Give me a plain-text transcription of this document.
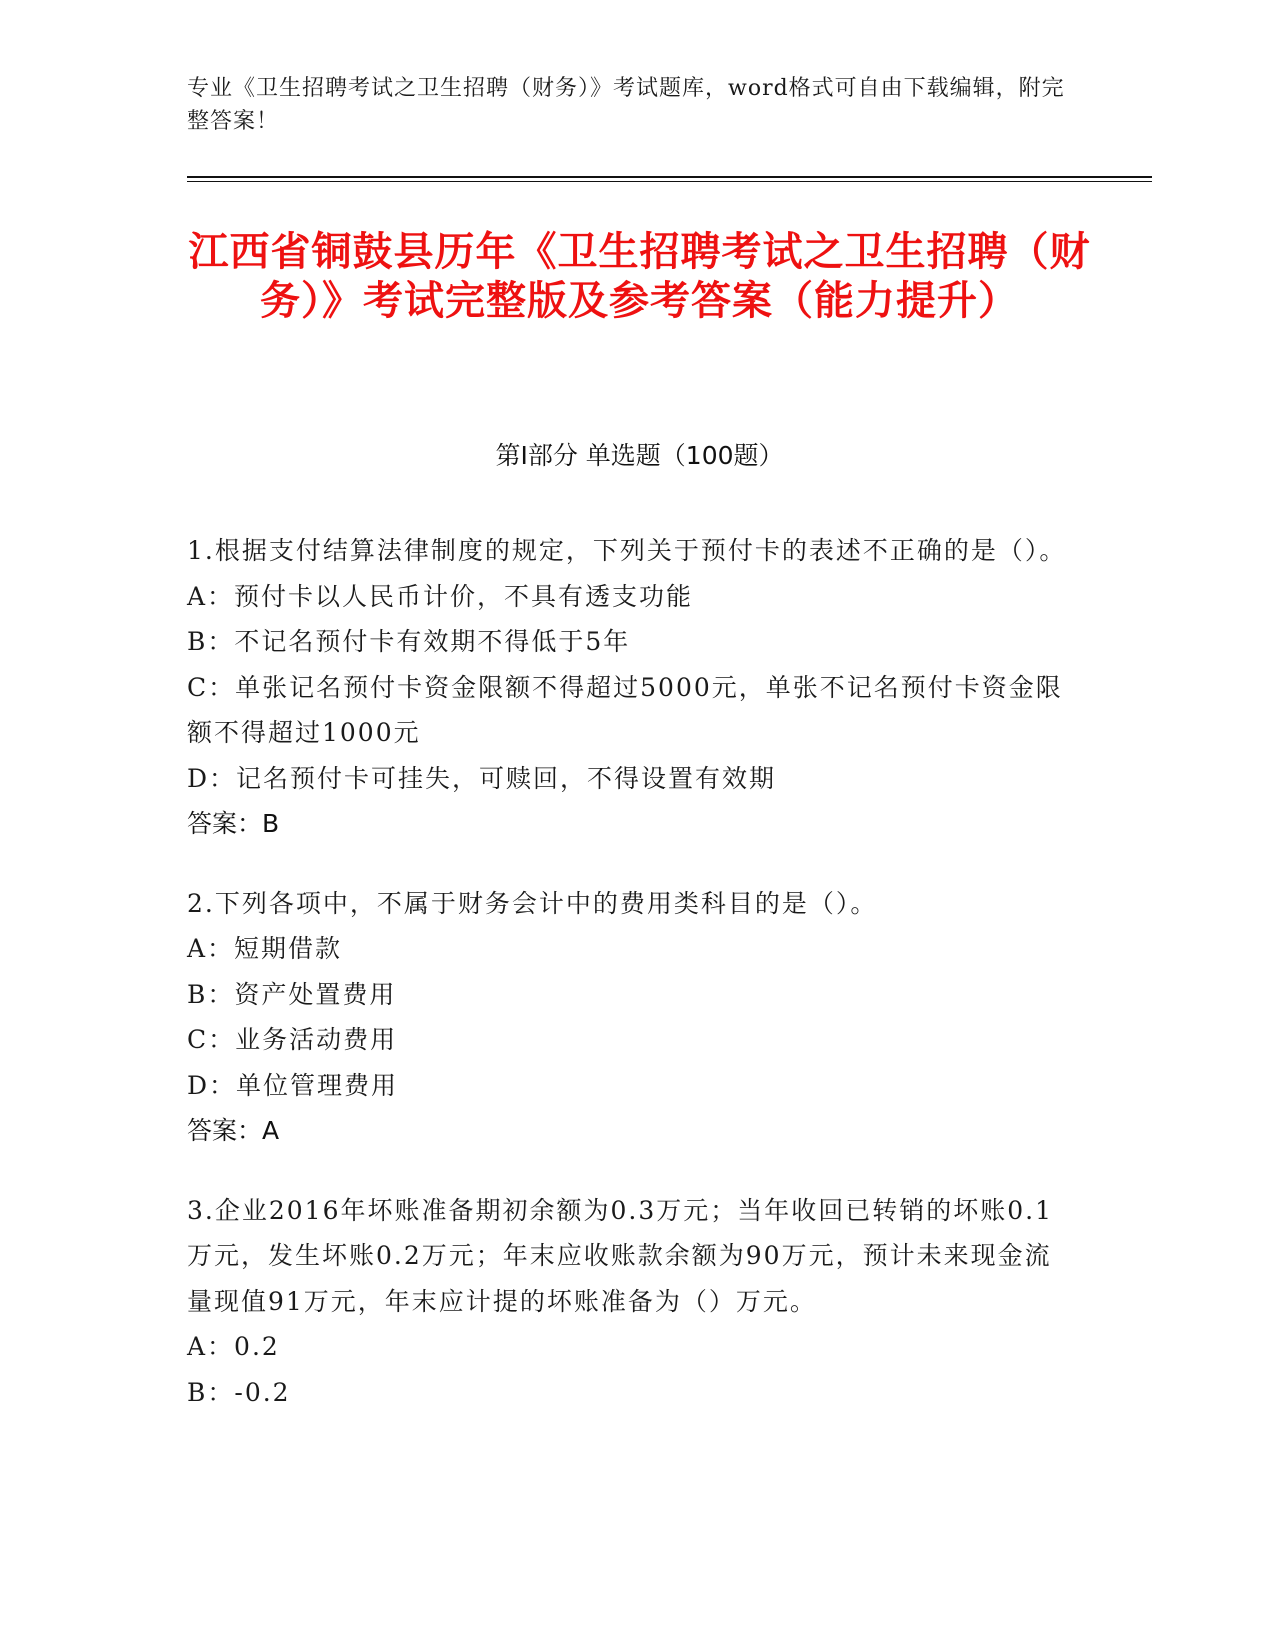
专业《卫生招聘考试之卫生招聘（财务）》考试题库，word格式可自由下载编辑，附完整答案！
江西省铜鼓县历年《卫生招聘考试之卫生招聘（财务）》考试完整版及参考答案（能力提升）
第I部分 单选题（100题）
1.根据支付结算法律制度的规定，下列关于预付卡的表述不正确的是（）。
A：预付卡以人民币计价，不具有透支功能
B：不记名预付卡有效期不得低于5年
C：单张记名预付卡资金限额不得超过5000元，单张不记名预付卡资金限额不得超过1000元
D：记名预付卡可挂失，可赎回，不得设置有效期
答案：B
2.下列各项中，不属于财务会计中的费用类科目的是（）。
A：短期借款
B：资产处置费用
C：业务活动费用
D：单位管理费用
答案：A
3.企业2016年坏账准备期初余额为0.3万元；当年收回已转销的坏账0.1万元，发生坏账0.2万元；年末应收账款余额为90万元，预计未来现金流量现值91万元，年末应计提的坏账准备为（）万元。
A：0.2
B：-0.2
